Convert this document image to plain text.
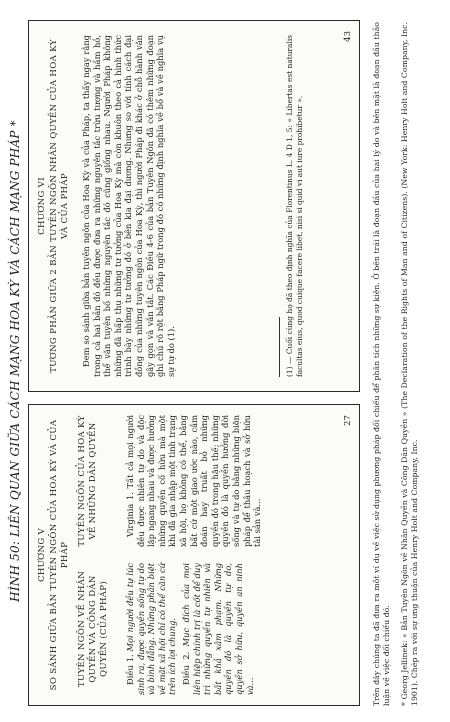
HÌNH 50: LIÊN QUAN GIỮA CÁCH MẠNG HOA KỲ VÀ CÁCH MẠNG PHÁP * CHƯƠNG V SO SÁNH GIỮA BẢN TUYÊN NGÔN CỦA HOA KỲ VÀ CỦA PHÁP
TUYÊN NGÔN VỀ NHÂN QUYỀN VÀ CÔNG DÂN QUYỀN (CỦA PHÁP)
TUYÊN NGÔN CỦA HOA KỲ VỀ NHỮNG DÂN QUYỀN

Điều 1. Mọi người đều tự lúc sinh ra, được quyền sống tự do và bình đẳng. Những phân biệt về mặt xã hội chỉ có thể căn cứ trên ích lợi chung. Điều 2. Mục đích của mọi liên hiệp chính trị là cốt để duy trì những quyền tự nhiên và bất khả xâm phạm. Những quyền đó là quyền tự do, quyền sở hữu, quyền an ninh và...

Virginia 1. Tất cả mọi người đều được nhiên tự do và độc lập ngang nhau và được hưởng những quyền cố hữu mà một khi đã gia nhập một tình trạng xã hội, họ không có thể, bằng bất cứ một giao ước nào, cắm đoán hay truất bỏ những quyền đó trong hậu thế; những quyền đó là quyền hưởng đời sống và tự do bằng những biện pháp để thâu hoạch và sở hữu tài sản và...

27
CHƯƠNG VI TƯƠNG PHẢN GIỮA 2 BẢN TUYÊN NGÔN NHÂN QUYỀN CỦA HOA KỲ VÀ CỦA PHÁP Đem so sánh giữa bản tuyên ngôn của Hoa Kỳ và của Pháp, ta thấy ngay rằng trong cả hai bản đó đều được đưa ra những nguyên tắc trừu tượng và hầm hồ, thể văn tuyên bố những nguyên tắc đó cũng giống nhau. Người Pháp không những đã hấp thụ những tư tưởng của Hoa Kỳ mà còn khuôn theo cả hình thức trình bày những tư tưởng đó ở bên kia đại dương. Nhưng so với tính cách đại đồng của những tuyên ngôn của Hoa Kỳ, thì người Pháp đi khác ở chỗ hành văn gây gọn và vắn tắt. Các Điều 4-6 của bản Tuyên Ngôn đã có thêm những đoạn ghi chú rõ rệt bằng Pháp ngữ trong đó có những định nghĩa về bổ và về nghĩa vụ sự tự do (1).	(1) — Cuối cùng họ đã theo định nghĩa của Florentinus L. 4 D 1, 5: « Libertas est naturalis facultas eius, quod cuique facere libet, nisi si quid vi aut iure prohibetur ».
43 Trên đây chúng ta đã đưa ra một ví dụ về việc sử dụng phương pháp đối chiếu để phân tích những sự kiện. Ở bên trái là đoạn đầu của hai lý do và bên mặt là đoạn đầu thảo luận về việc đối chiếu đó. * Georg Jellinek: « Bản Tuyên Ngôn về Nhân Quyền và Công Dân Quyền » (The Declaration of the Rights of Man and of Citizens). (New York: Henry Holt and Company, Inc. 1901). Chép ra với sự ưng thuận của Henry Holt and Company, Inc.
